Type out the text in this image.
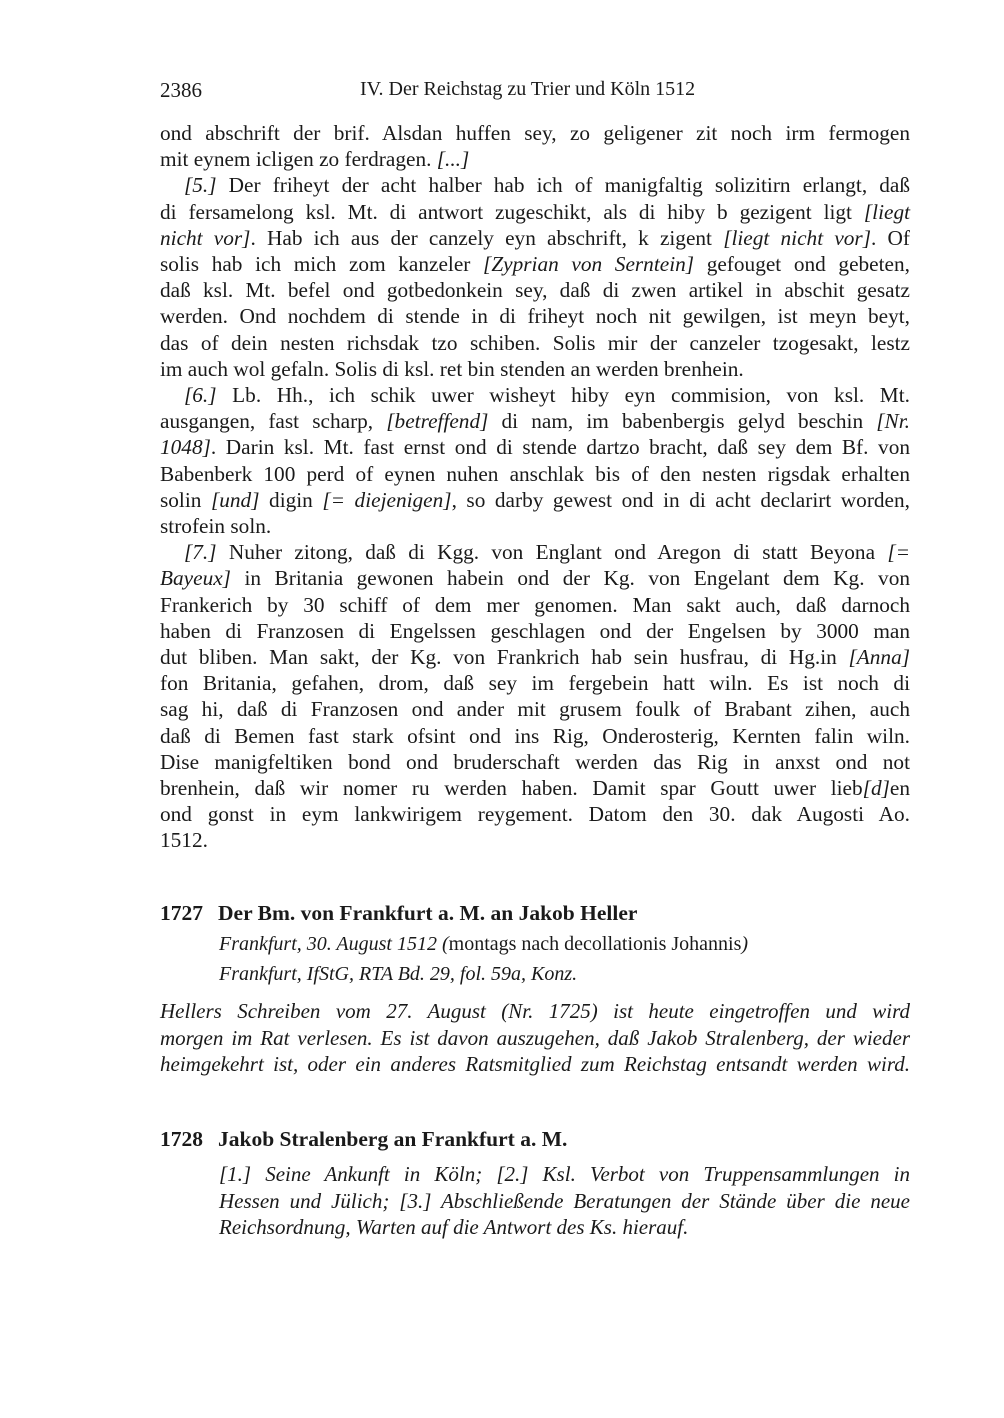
2386	IV. Der Reichstag zu Trier und Köln 1512
ond abschrift der brif. Alsdan huffen sey, zo geligener zit noch irm fermogen
mit eynem icligen zo ferdragen. [...]
[5.] Der friheyt der acht halber hab ich of manigfaltig solizitirn erlangt, daß
di fersamelong ksl. Mt. di antwort zugeschikt, als di hiby b gezigent ligt [liegt
nicht vor]. Hab ich aus der canzely eyn abschrift, k zigent [liegt nicht vor]. Of
solis hab ich mich zom kanzeler [Zyprian von Serntein] gefouget ond gebeten,
daß ksl. Mt. befel ond gotbedonkein sey, daß di zwen artikel in abschit gesatz
werden. Ond nochdem di stende in di friheyt noch nit gewilgen, ist meyn beyt,
das of dein nesten richsdak tzo schiben. Solis mir der canzeler tzogesakt, lestz
im auch wol gefaln. Solis di ksl. ret bin stenden an werden brenhein.
[6.] Lb. Hh., ich schik uwer wisheyt hiby eyn commision, von ksl. Mt.
ausgangen, fast scharp, [betreffend] di nam, im babenbergis gelyd beschin [Nr.
1048]. Darin ksl. Mt. fast ernst ond di stende dartzo bracht, daß sey dem Bf. von
Babenberk 100 perd of eynen nuhen anschlak bis of den nesten rigsdak erhalten
solin [und] digin [= diejenigen], so darby gewest ond in di acht declarirt worden,
strofein soln.
[7.] Nuher zitong, daß di Kgg. von Englant ond Aregon di statt Beyona [=
Bayeux] in Britania gewonen habein ond der Kg. von Engelant dem Kg. von
Frankerich by 30 schiff of dem mer genomen. Man sakt auch, daß darnoch
haben di Franzosen di Engelssen geschlagen ond der Engelsen by 3000 man
dut bliben. Man sakt, der Kg. von Frankrich hab sein husfrau, di Hg.in [Anna]
fon Britania, gefahen, drom, daß sey im fergebein hatt wiln. Es ist noch di
sag hi, daß di Franzosen ond ander mit grusem foulk of Brabant zihen, auch
daß di Bemen fast stark ofsint ond ins Rig, Onderosterig, Kernten falin wiln.
Dise manigfeltiken bond ond bruderschaft werden das Rig in anxst ond not
brenhein, daß wir nomer ru werden haben. Damit spar Goutt uwer lieb[d]en
ond gonst in eym lankwirigem reygement. Datom den 30. dak Augosti Ao.
1512.
1727 Der Bm. von Frankfurt a. M. an Jakob Heller
Frankfurt, 30. August 1512 (montags nach decollationis Johannis)
Frankfurt, IfStG, RTA Bd. 29, fol. 59a, Konz.
Hellers Schreiben vom 27. August (Nr. 1725) ist heute eingetroffen und wird
morgen im Rat verlesen. Es ist davon auszugehen, daß Jakob Stralenberg, der wieder
heimgekehrt ist, oder ein anderes Ratsmitglied zum Reichstag entsandt werden wird.
1728 Jakob Stralenberg an Frankfurt a. M.
[1.] Seine Ankunft in Köln; [2.] Ksl. Verbot von Truppensammlungen in
Hessen und Jülich; [3.] Abschließende Beratungen der Stände über die neue
Reichsordnung, Warten auf die Antwort des Ks. hierauf.
